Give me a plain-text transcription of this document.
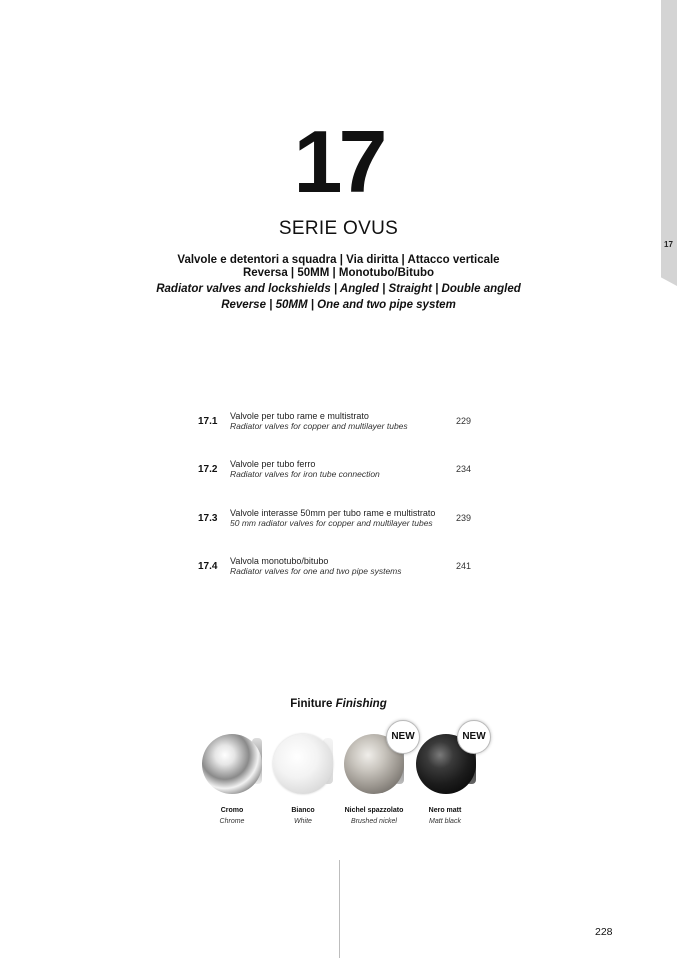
17
17
SERIE OVUS
Valvole e detentori a squadra | Via diritta | Attacco verticale
Reversa | 50MM | Monotubo/Bitubo
Radiator valves and lockshields | Angled | Straight | Double angled
Reverse | 50MM | One and two pipe system
17.1 Valvole per tubo rame e multistrato
Radiator valves for copper and multilayer tubes	229
17.2 Valvole per tubo ferro
Radiator valves for iron tube connection	234
17.3 Valvole interasse 50mm per tubo rame e multistrato
50 mm radiator valves for copper and multilayer tubes	239
17.4 Valvola monotubo/bitubo
Radiator valves for one and two pipe systems	241
Finiture Finishing
NEW	NEW
Cromo
Chrome
Bianco
White
Nichel spazzolato
Brushed nickel
Nero matt
Matt black
228
